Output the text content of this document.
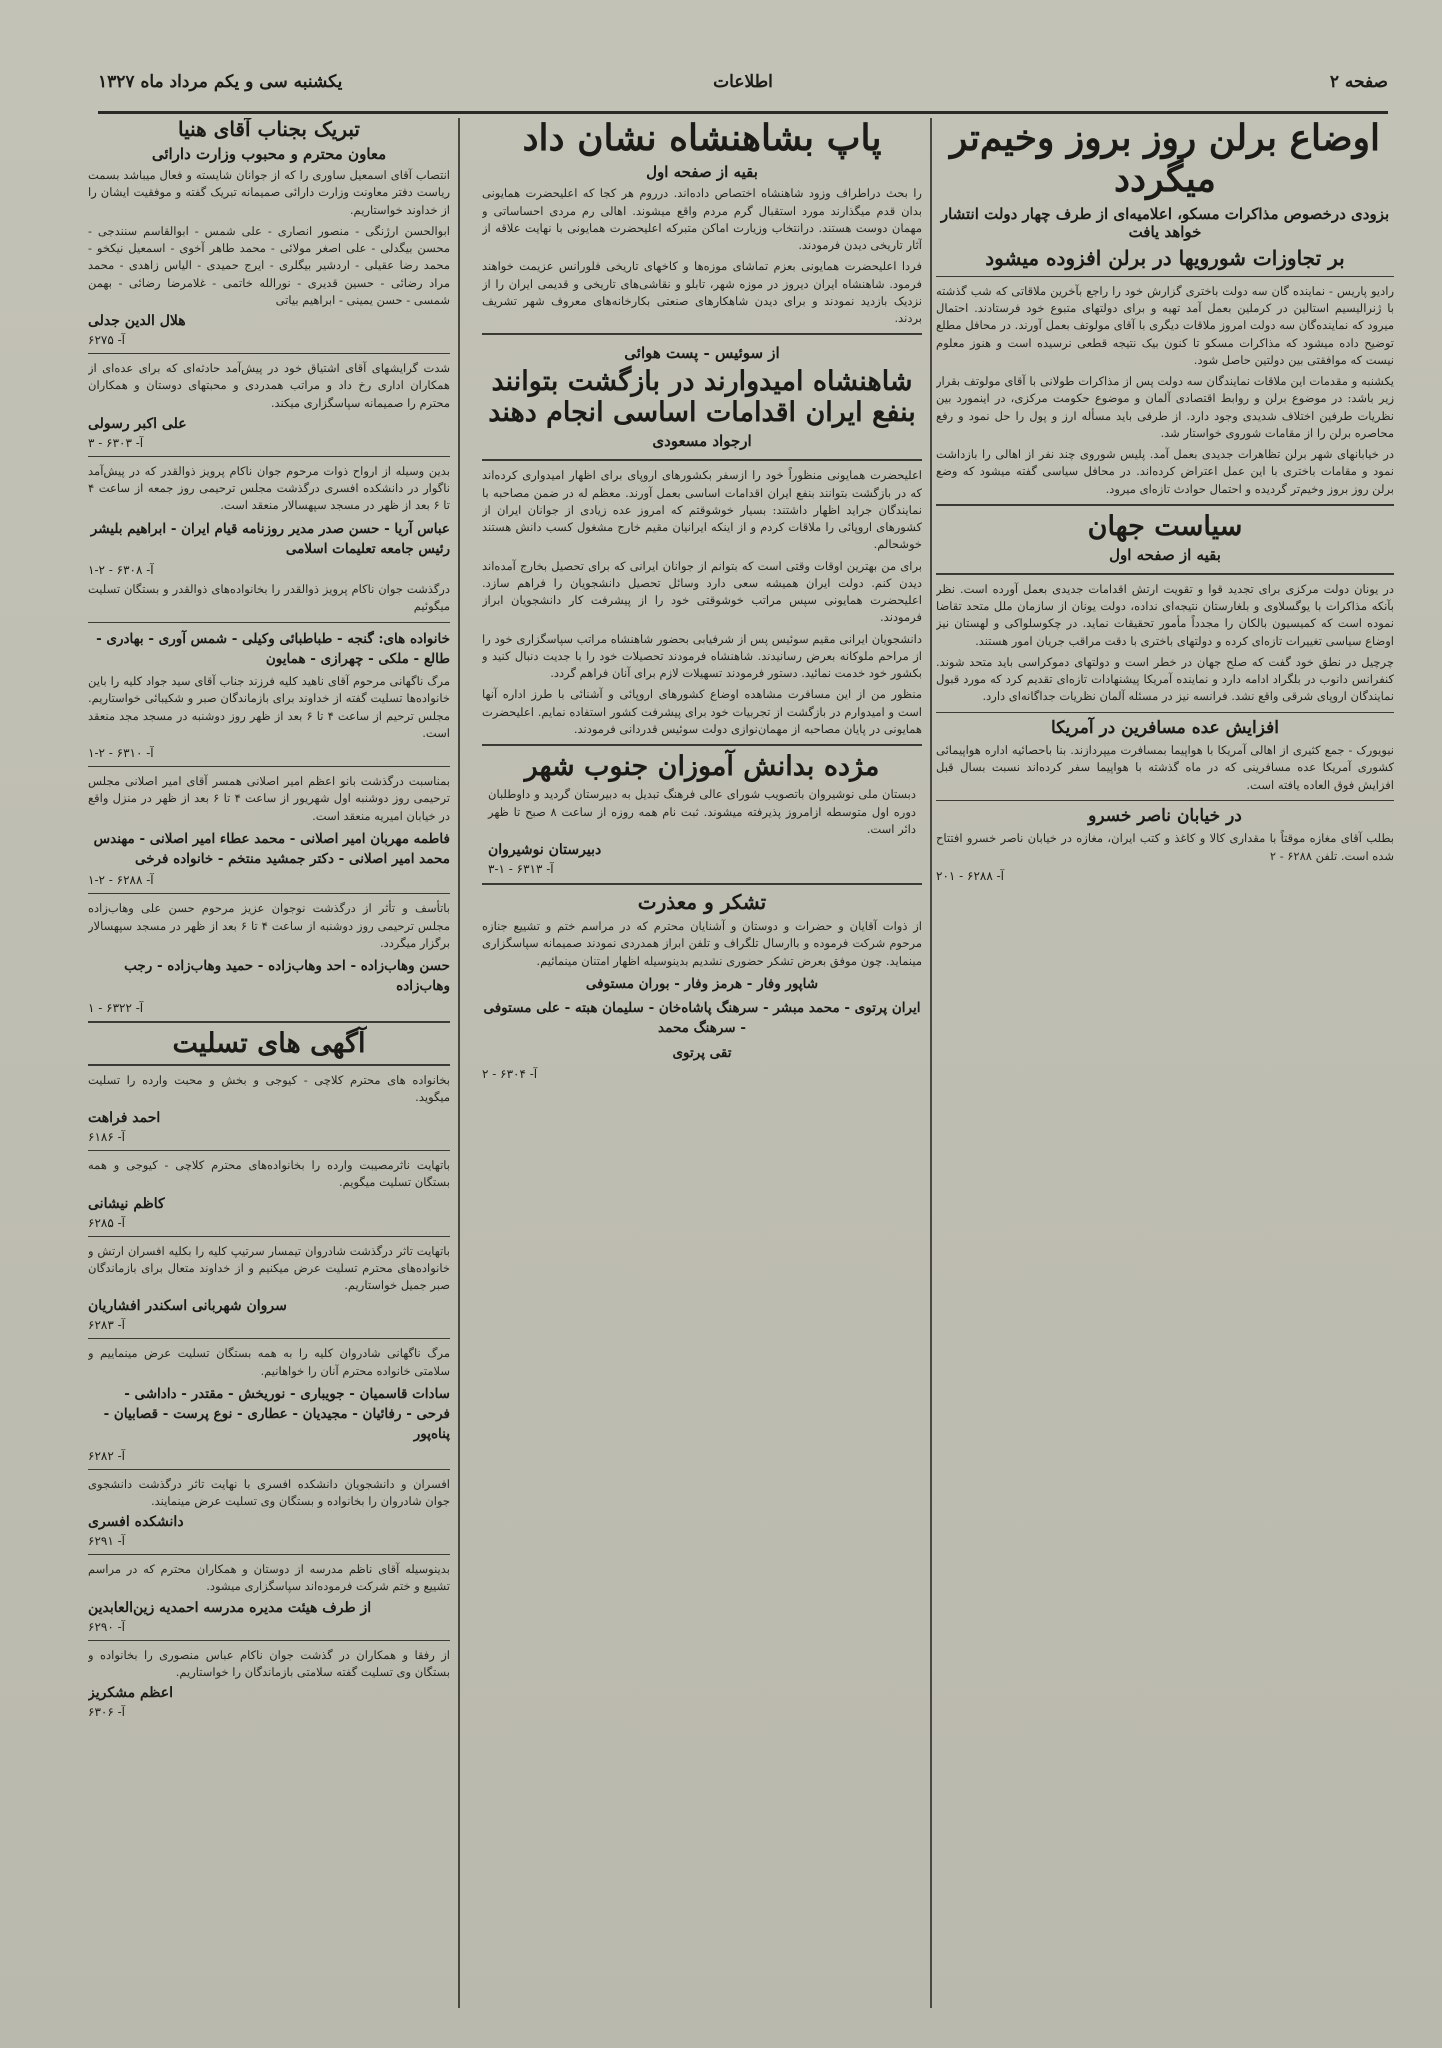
صفحه ۲
اطلاعات
یکشنبه سی و یکم مرداد ماه ۱۳۲۷
اوضاع برلن روز بروز وخیم‌تر میگردد
بزودی درخصوص مذاکرات مسکو، اعلامیه‌ای از طرف چهار دولت انتشار خواهد یافت
بر تجاوزات شورویها در برلن افزوده میشود

رادیو پاریس - نماینده گان سه دولت باختری گزارش خود را راجع بآخرین ملاقاتی که شب گذشته با ژنرالیسیم استالین در کرملین بعمل آمد تهیه و برای دولتهای متبوع خود فرستادند. احتمال میرود که نماینده‌گان سه دولت امروز ملاقات دیگری با آقای مولوتف بعمل آورند. در محافل مطلع توضیح داده میشود که مذاکرات مسکو تا کنون بیک نتیجه قطعی نرسیده است و هنوز معلوم نیست که موافقتی بین دولتین حاصل شود.

یکشنبه و مقدمات این ملاقات نمایندگان سه دولت پس از مذاکرات طولانی با آقای مولوتف بقرار زیر باشد: در موضوع برلن و روابط اقتصادی آلمان و موضوع حکومت مرکزی، در اینمورد بین نظریات طرفین اختلاف شدیدی وجود دارد. از طرفی باید مسأله ارز و پول را حل نمود و رفع محاصره برلن را از مقامات شوروی خواستار شد.

در خیابانهای شهر برلن تظاهرات جدیدی بعمل آمد. پلیس شوروی چند نفر از اهالی را بازداشت نمود و مقامات باختری با این عمل اعتراض کرده‌اند. در محافل سیاسی گفته میشود که وضع برلن روز بروز وخیم‌تر گردیده و احتمال حوادث تازه‌ای میرود.

سیاست جهان
بقیه از صفحه اول

در یونان دولت مرکزی برای تجدید قوا و تقویت ارتش اقدامات جدیدی بعمل آورده است. نظر بآنکه مذاکرات با یوگسلاوی و بلغارستان نتیجه‌ای نداده، دولت یونان از سازمان ملل متحد تقاضا نموده است که کمیسیون بالکان را مجدداً مأمور تحقیقات نماید. در چکوسلواکی و لهستان نیز اوضاع سیاسی تغییرات تازه‌ای کرده و دولتهای باختری با دقت مراقب جریان امور هستند.

چرچیل در نطق خود گفت که صلح جهان در خطر است و دولتهای دموکراسی باید متحد شوند. کنفرانس دانوب در بلگراد ادامه دارد و نماینده آمریکا پیشنهادات تازه‌ای تقدیم کرد که مورد قبول نمایندگان اروپای شرقی واقع نشد. فرانسه نیز در مسئله آلمان نظریات جداگانه‌ای دارد.

افزایش عده مسافرین در آمریکا

نیویورک - جمع کثیری از اهالی آمریکا با هواپیما بمسافرت میپردازند. بنا باحصائیه اداره هواپیمائی کشوری آمریکا عده مسافرینی که در ماه گذشته با هواپیما سفر کرده‌اند نسبت بسال قبل افزایش فوق العاده یافته است.

در خیابان ناصر خسرو

بطلب آقای مغازه موقتاً با مقداری کالا و کاغذ و کتب ایران، مغازه در خیابان ناصر خسرو افتتاح شده است. تلفن ۶۲۸۸ - ۲

آ- ۶۲۸۸ - ۲۰۱
پاپ بشاهنشاه نشان داد
بقیه از صفحه اول

را بحث دراطراف وزود شاهنشاه اختصاص داده‌اند. درروم هر کجا که اعلیحضرت همایونی بدان قدم میگذارند مورد استقبال گرم مردم واقع میشوند. اهالی رم مردی احساساتی و مهمان دوست هستند. درانتخاب وزیارت اماکن متبرکه اعلیحضرت همایونی با نهایت علاقه از آثار تاریخی دیدن فرمودند.

فردا اعلیحضرت همایونی بعزم تماشای موزه‌ها و کاخهای تاریخی فلورانس عزیمت خواهند فرمود. شاهنشاه ایران دیروز در موزه شهر، تابلو و نقاشی‌های تاریخی و قدیمی ایران را از نزدیک بازدید نمودند و برای دیدن شاهکارهای صنعتی بکارخانه‌های معروف شهر تشریف بردند.

از سوئیس - پست هوائی
شاهنشاه امیدوارند در بازگشت بتوانند بنفع ایران اقدامات اساسی انجام دهند
ارجواد مسعودی

اعلیحضرت همایونی منظوراً خود را ازسفر بکشورهای اروپای برای اظهار امیدواری کرده‌اند که در بازگشت بتوانند بنفع ایران اقدامات اساسی بعمل آورند. معظم له در ضمن مصاحبه با نمایندگان جراید اظهار داشتند: بسیار خوشوقتم که امروز عده زیادی از جوانان ایران از کشورهای اروپائی را ملاقات کردم و از اینکه ایرانیان مقیم خارج مشغول کسب دانش هستند خوشحالم.

برای من بهترین اوقات وقتی است که بتوانم از جوانان ایرانی که برای تحصیل بخارج آمده‌اند دیدن کنم. دولت ایران همیشه سعی دارد وسائل تحصیل دانشجویان را فراهم سازد. اعلیحضرت همایونی سپس مراتب خوشوقتی خود را از پیشرفت کار دانشجویان ابراز فرمودند.

دانشجویان ایرانی مقیم سوئیس پس از شرفیابی بحضور شاهنشاه مراتب سپاسگزاری خود را از مراحم ملوکانه بعرض رسانیدند. شاهنشاه فرمودند تحصیلات خود را با جدیت دنبال کنید و بکشور خود خدمت نمائید. دستور فرمودند تسهیلات لازم برای آنان فراهم گردد.

منظور من از این مسافرت مشاهده اوضاع کشورهای اروپائی و آشنائی با طرز اداره آنها است و امیدوارم در بازگشت از تجربیات خود برای پیشرفت کشور استفاده نمایم. اعلیحضرت همایونی در پایان مصاحبه از مهمان‌نوازی دولت سوئیس قدردانی فرمودند.

مژده بدانش آموزان جنوب شهر

دبستان ملی نوشیروان باتصویب شورای عالی فرهنگ تبدیل به دبیرستان گردید و داوطلبان دوره اول متوسطه ازامروز پذیرفته میشوند. ثبت نام همه روزه از ساعت ۸ صبح تا ظهر دائر است.

دبیرستان نوشیروان
آ- ۶۳۱۳ - ۱-۳
تشکر و معذرت

از ذوات آقایان و حضرات و دوستان و آشنایان محترم که در مراسم ختم و تشییع جنازه مرحوم شرکت فرموده و باارسال تلگراف و تلفن ابراز همدردی نمودند صمیمانه سپاسگزاری مینماید. چون موفق بعرض تشکر حضوری نشدیم بدینوسیله اظهار امتنان مینمائیم.

شاپور وفار - هرمز وفار - بوران مستوفی
ایران پرتوی - محمد مبشر - سرهنگ پاشاه‌خان - سلیمان هبته - علی مستوفی - سرهنگ محمد
تقی پرتوی
آ- ۶۳۰۴ - ۲
تبریک بجناب آقای هنیا
معاون محترم و محبوب وزارت دارائی

انتصاب آقای اسمعیل ساوری را که از جوانان شایسته و فعال میباشد بسمت ریاست دفتر معاونت وزارت دارائی صمیمانه تبریک گفته و موفقیت ایشان را از خداوند خواستاریم.

ابوالحسن ارژنگی - منصور انصاری - علی شمس - ابوالقاسم سنندجی - محسن بیگدلی - علی اصغر مولائی - محمد طاهر آخوی - اسمعیل نیکخو - محمد رضا عقیلی - اردشیر بیگلری - ایرج حمیدی - الیاس زاهدی - محمد مراد رضائی - حسین قدیری - نورالله خاتمی - غلامرضا رضائی - بهمن شمسی - حسن یمینی - ابراهیم بیاتی

هلال الدین جدلی
آ- ۶۲۷۵

شدت گرایشهای آقای اشتیاق خود در پیش‌آمد حادثه‌ای که برای عده‌ای از همکاران اداری رخ داد و مراتب همدردی و محبتهای دوستان و همکاران محترم را صمیمانه سپاسگزاری میکند.

علی اکبر رسولی
آ- ۶۳۰۳ - ۳

بدین وسیله از ارواح ذوات مرحوم جوان ناکام پرویز ذوالقدر که در پیش‌آمد ناگوار در دانشکده افسری درگذشت مجلس ترحیمی روز جمعه از ساعت ۴ تا ۶ بعد از ظهر در مسجد سپهسالار منعقد است.

عباس آریا - حسن صدر مدیر روزنامه قیام ایران - ابراهیم بلیشر رئیس جامعه تعلیمات اسلامی
آ- ۶۳۰۸ - ۲-۱

درگذشت جوان ناکام پرویز ذوالقدر را بخانواده‌های ذوالقدر و بستگان تسلیت میگوئیم

خانواده های: گنجه - طباطبائی وکیلی - شمس آوری - بهادری - طالع - ملکی - چهرازی - همایون

مرگ ناگهانی مرحوم آقای ناهید کلیه فرزند جناب آقای سید جواد کلیه را باین خانواده‌ها تسلیت گفته از خداوند برای بازماندگان صبر و شکیبائی خواستاریم. مجلس ترحیم از ساعت ۴ تا ۶ بعد از ظهر روز دوشنبه در مسجد مجد منعقد است.

آ- ۶۳۱۰ - ۲-۱

بمناسبت درگذشت بانو اعظم امیر اصلانی همسر آقای امیر اصلانی مجلس ترحیمی روز دوشنبه اول شهریور از ساعت ۴ تا ۶ بعد از ظهر در منزل واقع در خیابان امیریه منعقد است.

فاطمه مهربان امیر اصلانی - محمد عطاء امیر اصلانی - مهندس محمد امیر اصلانی - دکتر جمشید منتخم - خانواده فرخی
آ- ۶۲۸۸ - ۲-۱

باتأسف و تأثر از درگذشت نوجوان عزیز مرحوم حسن علی وهاب‌زاده مجلس ترحیمی روز دوشنبه از ساعت ۴ تا ۶ بعد از ظهر در مسجد سپهسالار برگزار میگردد.

حسن وهاب‌زاده - احد وهاب‌زاده - حمید وهاب‌زاده - رجب وهاب‌زاده
آ- ۶۳۲۲ - ۱
آگهی های تسلیت

بخانواده های محترم کلاچی - کیوجی و بخش و محبت وارده را تسلیت میگوید.

احمد فراهت
آ- ۶۱۸۶

باتهایت ناثرمصیبت وارده را بخانواده‌های محترم کلاچی - کیوجی و همه بستگان تسلیت میگویم.

کاظم نیشانی
آ- ۶۲۸۵

باتهایت تاثر درگذشت شادروان تیمسار سرتیپ کلیه را بکلیه افسران ارتش و خانواده‌های محترم تسلیت عرض میکنیم و از خداوند متعال برای بازماندگان صبر جمیل خواستاریم.

سروان شهربانی اسکندر افشاریان
آ- ۶۲۸۳

مرگ ناگهانی شادروان کلیه را به همه بستگان تسلیت عرض مینماییم و سلامتی خانواده محترم آنان را خواهانیم.

سادات قاسمیان - جویباری - نوریخش - مقتدر - داداشی - فرحی - رفائیان - مجیدیان - عطاری - نوع پرست - قصابیان - پناه‌پور
آ- ۶۲۸۲

افسران و دانشجویان دانشکده افسری با نهایت تاثر درگذشت دانشجوی جوان شادروان را بخانواده و بستگان وی تسلیت عرض مینمایند.

دانشکده افسری
آ- ۶۲۹۱

بدینوسیله آقای ناظم مدرسه از دوستان و همکاران محترم که در مراسم تشییع و ختم شرکت فرموده‌اند سپاسگزاری میشود.

از طرف هیئت مدیره مدرسه احمدیه زین‌العابدین
آ- ۶۲۹۰

از رفقا و همکاران در گذشت جوان ناکام عباس منصوری را بخانواده و بستگان وی تسلیت گفته سلامتی بازماندگان را خواستاریم.

اعظم مشکریز
آ- ۶۳۰۶
